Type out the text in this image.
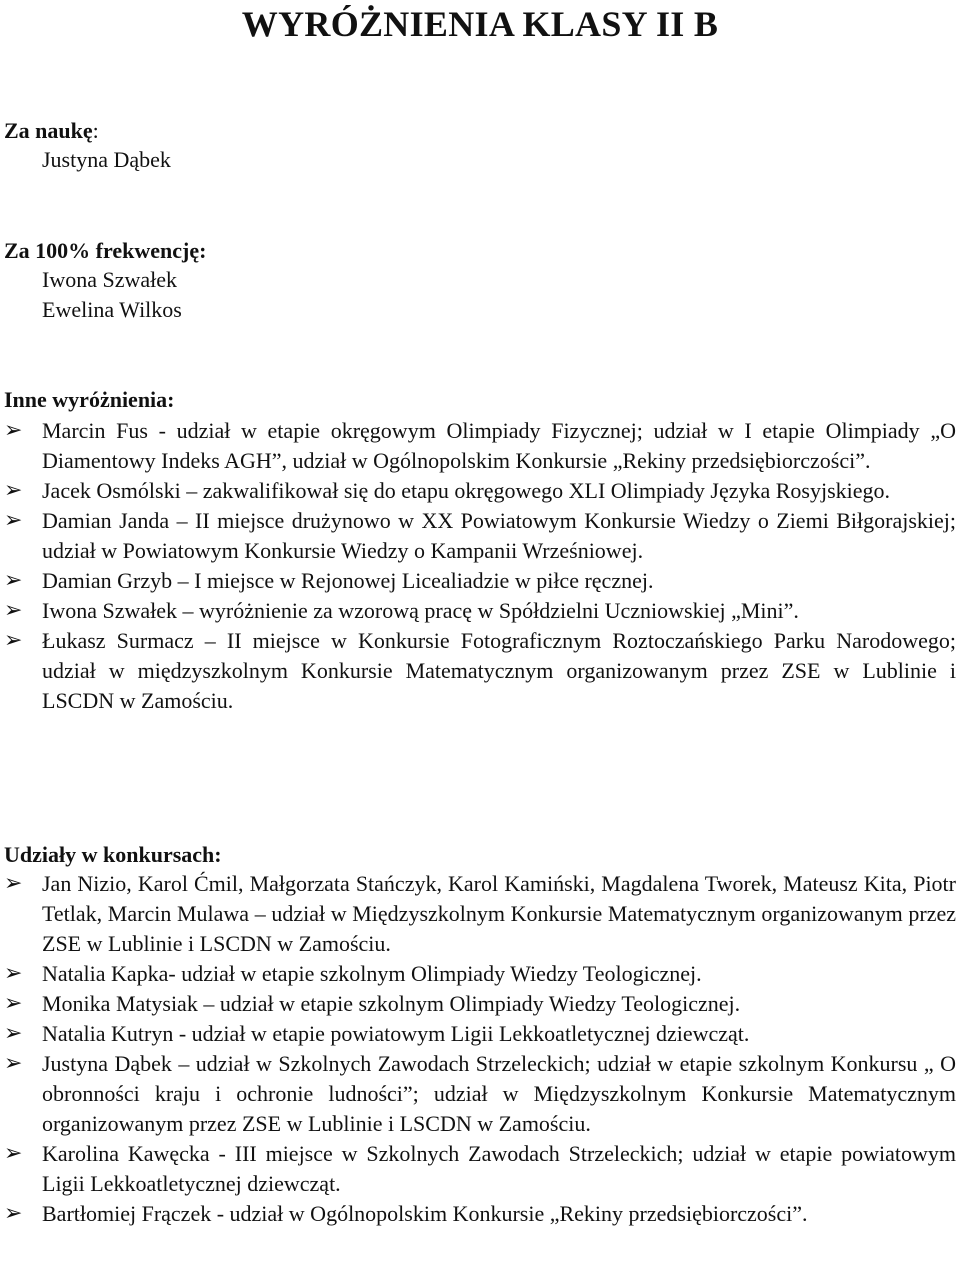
WYRÓŻNIENIA KLASY II B
Za naukę:
Justyna Dąbek
Za 100% frekwencję:
Iwona Szwałek
Ewelina Wilkos
Inne wyróżnienia:
➢ Marcin Fus - udział w etapie okręgowym Olimpiady Fizycznej; udział w I etapie Olimpiady „O Diamentowy Indeks AGH”, udział w Ogólnopolskim Konkursie „Rekiny przedsiębiorczości”.
➢ Jacek Osmólski – zakwalifikował się do etapu okręgowego XLI Olimpiady Języka Rosyjskiego.
➢ Damian Janda – II miejsce drużynowo w XX Powiatowym Konkursie Wiedzy o Ziemi Biłgorajskiej; udział w Powiatowym Konkursie Wiedzy o Kampanii Wrześniowej.
➢ Damian Grzyb – I miejsce w Rejonowej Licealiadzie w piłce ręcznej.
➢ Iwona Szwałek – wyróżnienie za wzorową pracę w Spółdzielni Uczniowskiej „Mini”.
➢ Łukasz Surmacz – II miejsce w Konkursie Fotograficznym Roztoczańskiego Parku Narodowego; udział w międzyszkolnym Konkursie Matematycznym organizowanym przez ZSE w Lublinie i LSCDN w Zamościu.
Udziały w konkursach:
➢ Jan Nizio, Karol Ćmil, Małgorzata Stańczyk, Karol Kamiński, Magdalena Tworek, Mateusz Kita, Piotr Tetlak, Marcin Mulawa – udział w Międzyszkolnym Konkursie Matematycznym organizowanym przez ZSE w Lublinie i LSCDN w Zamościu.
➢ Natalia Kapka- udział w etapie szkolnym Olimpiady Wiedzy Teologicznej.
➢ Monika Matysiak – udział w etapie szkolnym Olimpiady Wiedzy Teologicznej.
➢ Natalia Kutryn - udział w etapie powiatowym Ligii Lekkoatletycznej dziewcząt.
➢ Justyna Dąbek – udział w Szkolnych Zawodach Strzeleckich; udział w etapie szkolnym Konkursu „ O obronności kraju i ochronie ludności”; udział w Międzyszkolnym Konkursie Matematycznym organizowanym przez ZSE w Lublinie i LSCDN w Zamościu.
➢ Karolina Kawęcka - III miejsce w Szkolnych Zawodach Strzeleckich; udział w etapie powiatowym Ligii Lekkoatletycznej dziewcząt.
➢ Bartłomiej Frączek - udział w Ogólnopolskim Konkursie „Rekiny przedsiębiorczości”.
